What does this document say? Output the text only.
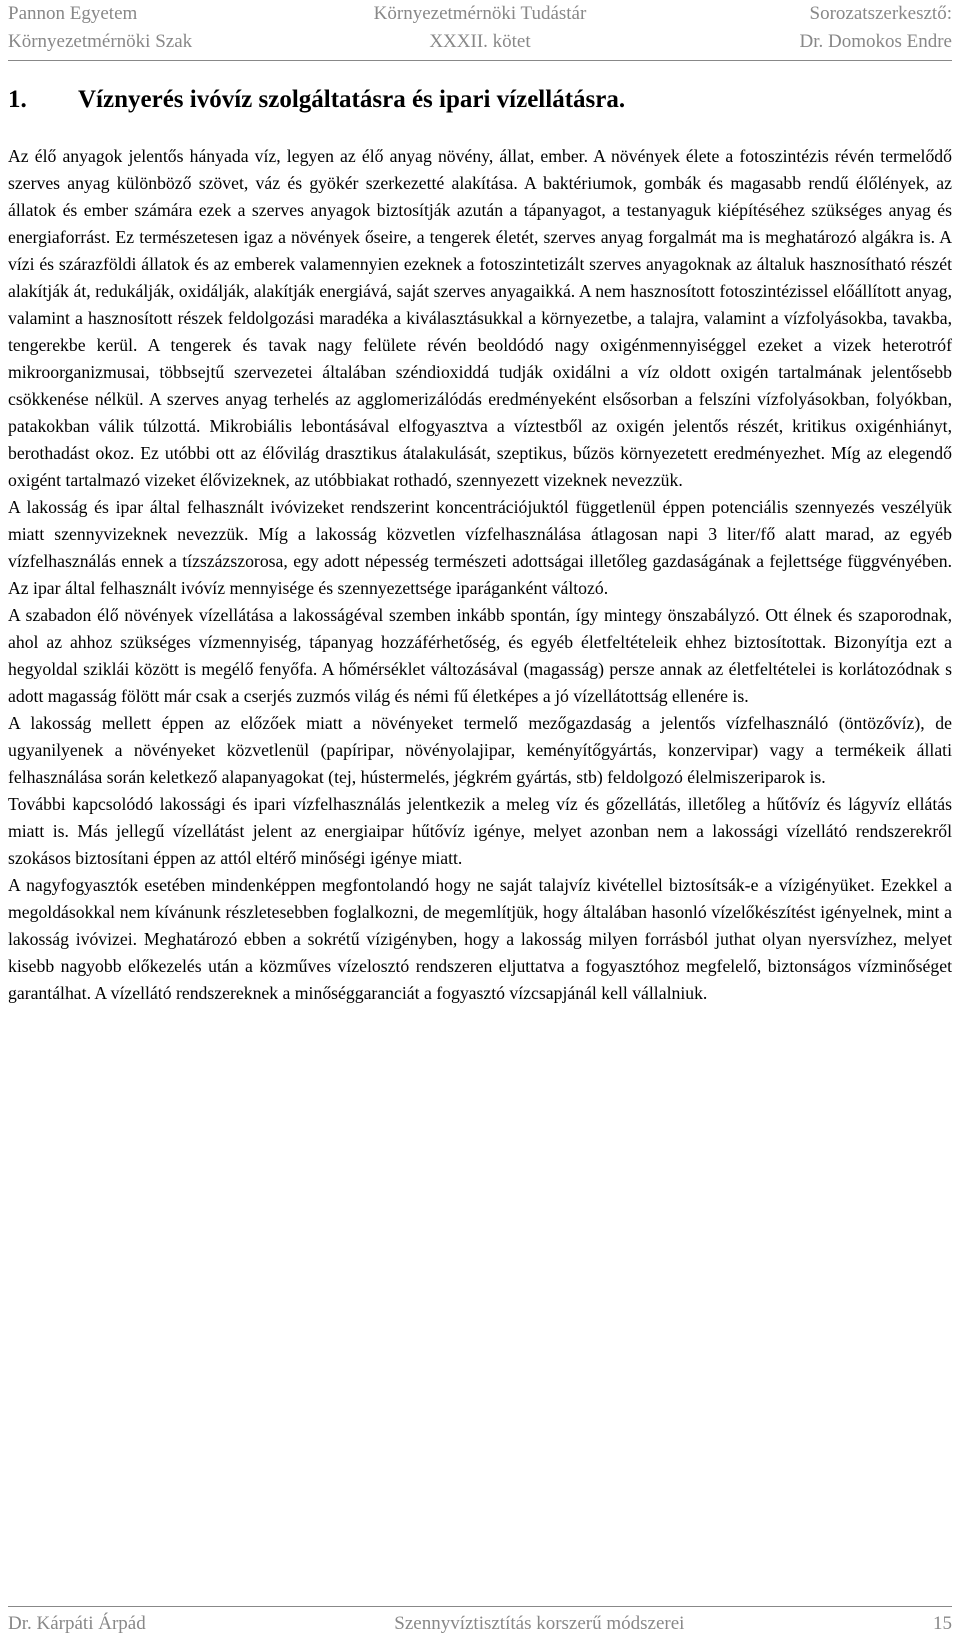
Pannon Egyetem
Környezetmérnöki Szak
Környezetmérnöki Tudástár
XXXII. kötet
Sorozatszerkesztő:
Dr. Domokos Endre
1.	Víznyerés ivóvíz szolgáltatásra és ipari vízellátásra.

Az élő anyagok jelentős hányada víz, legyen az élő anyag növény, állat, ember. A növények élete a fotoszintézis révén termelődő szerves anyag különböző szövet, váz és gyökér szerkezetté alakítása. A baktériumok, gombák és magasabb rendű élőlények, az állatok és ember számára ezek a szerves anyagok biztosítják azután a tápanyagot, a testanyaguk kiépítéséhez szükséges anyag és energiaforrást. Ez természetesen igaz a növények őseire, a tengerek életét, szerves anyag forgalmát ma is meghatározó algákra is. A vízi és szárazföldi állatok és az emberek valamennyien ezeknek a fotoszintetizált szerves anyagoknak az általuk hasznosítható részét alakítják át, redukálják, oxidálják, alakítják energiává, saját szerves anyagaikká. A nem hasznosított fotoszintézissel előállított anyag, valamint a hasznosított részek feldolgozási maradéka a kiválasztásukkal a környezetbe, a talajra, valamint a vízfolyásokba, tavakba, tengerekbe kerül. A tengerek és tavak nagy felülete révén beoldódó nagy oxigénmennyiséggel ezeket a vizek heterotróf mikroorganizmusai, többsejtű szervezetei általában széndioxiddá tudják oxidálni a víz oldott oxigén tartalmának jelentősebb csökkenése nélkül. A szerves anyag terhelés az agglomerizálódás eredményeként elsősorban a felszíni vízfolyásokban, folyókban, patakokban válik túlzottá. Mikrobiális lebontásával elfogyasztva a víztestből az oxigén jelentős részét, kritikus oxigénhiányt, berothadást okoz. Ez utóbbi ott az élővilág drasztikus átalakulását, szeptikus, bűzös környezetett eredményezhet. Míg az elegendő oxigént tartalmazó vizeket élővizeknek, az utóbbiakat rothadó, szennyezett vizeknek nevezzük.

A lakosság és ipar által felhasznált ivóvizeket rendszerint koncentrációjuktól függetlenül éppen potenciális szennyezés veszélyük miatt szennyvizeknek nevezzük. Míg a lakosság közvetlen vízfelhasználása átlagosan napi 3 liter/fő alatt marad, az egyéb vízfelhasználás ennek a tízszázszorosa, egy adott népesség természeti adottságai illetőleg gazdaságának a fejlettsége függvényében. Az ipar által felhasznált ivóvíz mennyisége és szennyezettsége iparáganként változó.

A szabadon élő növények vízellátása a lakosságéval szemben inkább spontán, így mintegy önszabályzó. Ott élnek és szaporodnak, ahol az ahhoz szükséges vízmennyiség, tápanyag hozzáférhetőség, és egyéb életfeltételeik ehhez biztosítottak. Bizonyítja ezt a hegyoldal sziklái között is megélő fenyőfa. A hőmérséklet változásával (magasság) persze annak az életfeltételei is korlátozódnak s adott magasság fölött már csak a cserjés zuzmós világ és némi fű életképes a jó vízellátottság ellenére is.

A lakosság mellett éppen az előzőek miatt a növényeket termelő mezőgazdaság a jelentős vízfelhasználó (öntözővíz), de ugyanilyenek a növényeket közvetlenül (papíripar, növényolajipar, keményítőgyártás, konzervipar) vagy a termékeik állati felhasználása során keletkező alapanyagokat (tej, hústermelés, jégkrém gyártás, stb) feldolgozó élelmiszeriparok is.

További kapcsolódó lakossági és ipari vízfelhasználás jelentkezik a meleg víz és gőzellátás, illetőleg a hűtővíz és lágyvíz ellátás miatt is. Más jellegű vízellátást jelent az energiaipar hűtővíz igénye, melyet azonban nem a lakossági vízellátó rendszerekről szokásos biztosítani éppen az attól eltérő minőségi igénye miatt.

A nagyfogyasztók esetében mindenképpen megfontolandó hogy ne saját talajvíz kivétellel biztosítsák-e a vízigényüket. Ezekkel a megoldásokkal nem kívánunk részletesebben foglalkozni, de megemlítjük, hogy általában hasonló vízelőkészítést igényelnek, mint a lakosság ivóvizei. Meghatározó ebben a sokrétű vízigényben, hogy a lakosság milyen forrásból juthat olyan nyersvízhez, melyet kisebb nagyobb előkezelés után a közműves vízelosztó rendszeren eljuttatva a fogyasztóhoz megfelelő, biztonságos vízminőséget garantálhat. A vízellátó rendszereknek a minőséggaranciát a fogyasztó vízcsapjánál kell vállalniuk.

Dr. Kárpáti Árpád	Szennyvíztisztítás korszerű módszerei	15
